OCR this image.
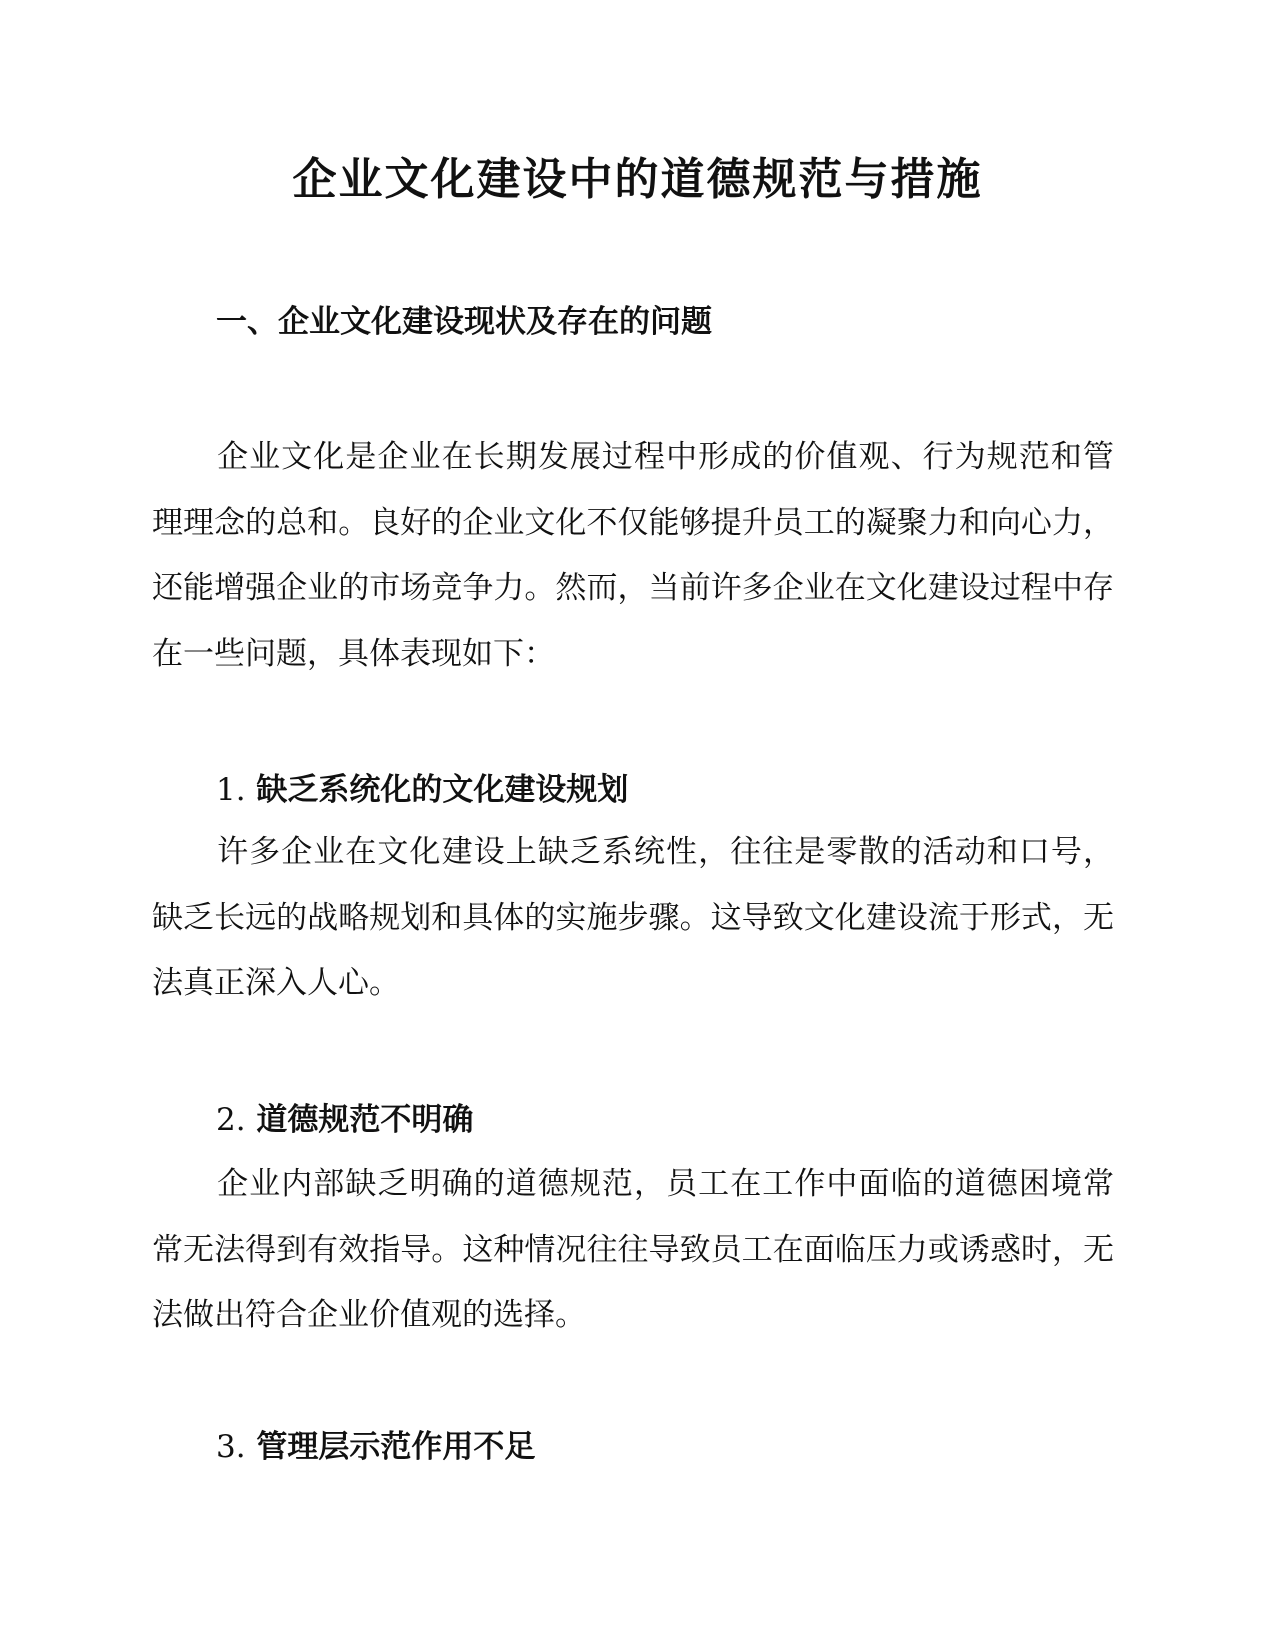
企业文化建设中的道德规范与措施
一、企业文化建设现状及存在的问题

企业文化是企业在长期发展过程中形成的价值观、行为规范和管理理念的总和。良好的企业文化不仅能够提升员工的凝聚力和向心力，还能增强企业的市场竞争力。然而，当前许多企业在文化建设过程中存在一些问题，具体表现如下：

1. 缺乏系统化的文化建设规划

许多企业在文化建设上缺乏系统性，往往是零散的活动和口号，缺乏长远的战略规划和具体的实施步骤。这导致文化建设流于形式，无法真正深入人心。

2. 道德规范不明确

企业内部缺乏明确的道德规范，员工在工作中面临的道德困境常常无法得到有效指导。这种情况往往导致员工在面临压力或诱惑时，无法做出符合企业价值观的选择。

3. 管理层示范作用不足
